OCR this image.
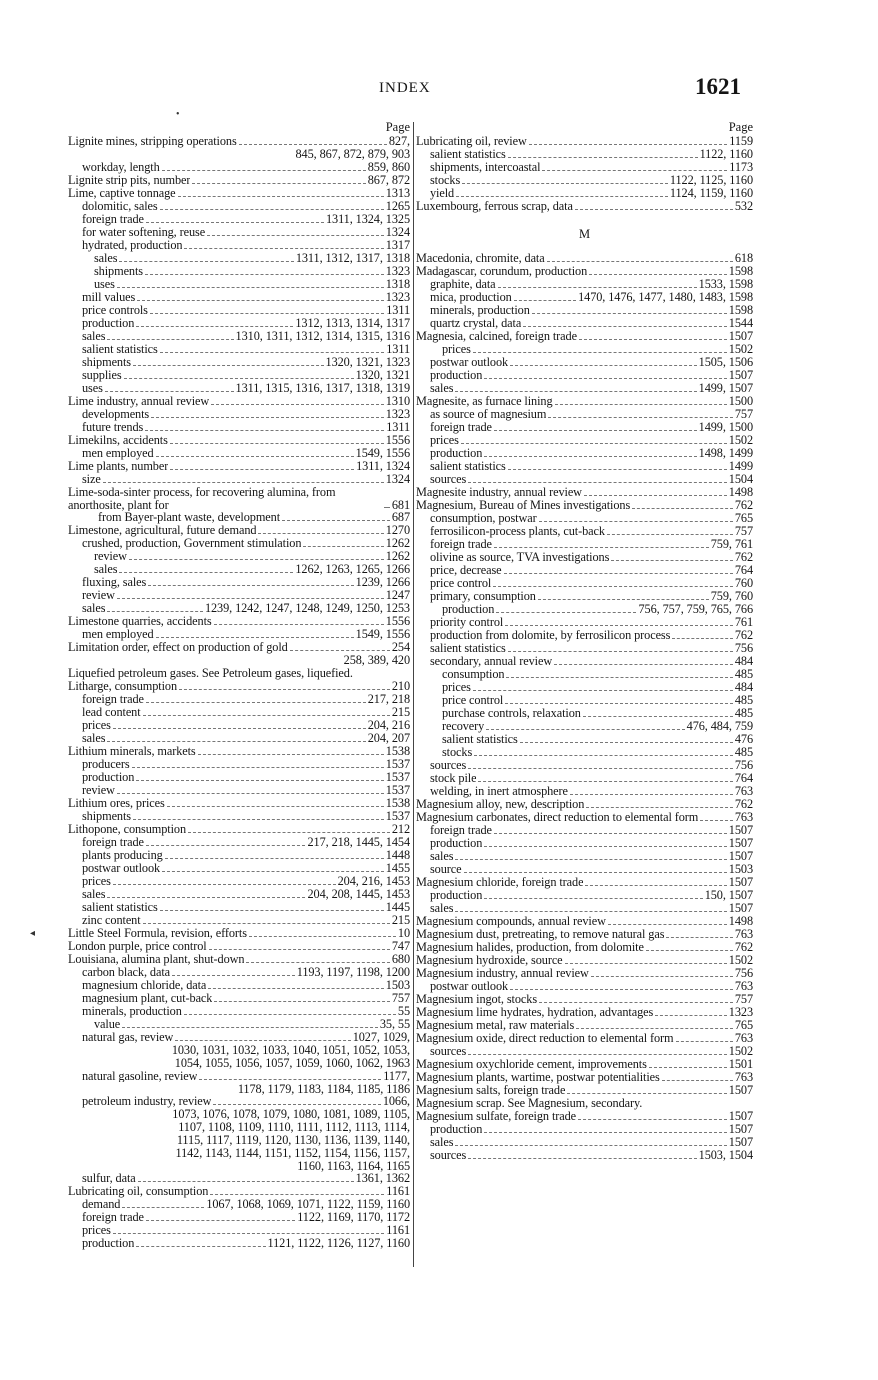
INDEX	1621
•
◂
Page
Lignite mines, stripping operations	827,
845, 867, 872, 879, 903
workday, length	859, 860
Lignite strip pits, number	867, 872
Lime, captive tonnage	1313
dolomitic, sales	1265
foreign trade	1311, 1324, 1325
for water softening, reuse	1324
hydrated, production	1317
sales	1311, 1312, 1317, 1318
shipments	1323
uses	1318
mill values	1323
price controls	1311
production	1312, 1313, 1314, 1317
sales	1310, 1311, 1312, 1314, 1315, 1316
salient statistics	1311
shipments	1320, 1321, 1323
supplies	1320, 1321
uses	1311, 1315, 1316, 1317, 1318, 1319
Lime industry, annual review	1310
developments	1323
future trends	1311
Limekilns, accidents	1556
men employed	1549, 1556
Lime plants, number	1311, 1324
size	1324
Lime-soda-sinter process, for recovering alumina, from anorthosite, plant for	681
from Bayer-plant waste, development	687
Limestone, agricultural, future demand	1270
crushed, production, Government stimulation	1262
review	1262
sales	1262, 1263, 1265, 1266
fluxing, sales	1239, 1266
review	1247
sales	1239, 1242, 1247, 1248, 1249, 1250, 1253
Limestone quarries, accidents	1556
men employed	1549, 1556
Limitation order, effect on production of gold	254
258, 389, 420
Liquefied petroleum gases. See Petroleum gases, liquefied.
Litharge, consumption	210
foreign trade	217, 218
lead content	215
prices	204, 216
sales	204, 207
Lithium minerals, markets	1538
producers	1537
production	1537
review	1537
Lithium ores, prices	1538
shipments	1537
Lithopone, consumption	212
foreign trade	217, 218, 1445, 1454
plants producing	1448
postwar outlook	1455
prices	204, 216, 1453
sales	204, 208, 1445, 1453
salient statistics	1445
zinc content	215
Little Steel Formula, revision, efforts	10
London purple, price control	747
Louisiana, alumina plant, shut-down	680
carbon black, data	1193, 1197, 1198, 1200
magnesium chloride, data	1503
magnesium plant, cut-back	757
minerals, production	55
value	35, 55
natural gas, review	1027, 1029,
1030, 1031, 1032, 1033, 1040, 1051, 1052, 1053,
1054, 1055, 1056, 1057, 1059, 1060, 1062, 1963
natural gasoline, review	1177,
1178, 1179, 1183, 1184, 1185, 1186
petroleum industry, review	1066,
1073, 1076, 1078, 1079, 1080, 1081, 1089, 1105,
1107, 1108, 1109, 1110, 1111, 1112, 1113, 1114,
1115, 1117, 1119, 1120, 1130, 1136, 1139, 1140,
1142, 1143, 1144, 1151, 1152, 1154, 1156, 1157,
1160, 1163, 1164, 1165
sulfur, data	1361, 1362
Lubricating oil, consumption	1161
demand	1067, 1068, 1069, 1071, 1122, 1159, 1160
foreign trade	1122, 1169, 1170, 1172
prices	1161
production	1121, 1122, 1126, 1127, 1160
Page
Lubricating oil, review	1159
salient statistics	1122, 1160
shipments, intercoastal	1173
stocks	1122, 1125, 1160
yield	1124, 1159, 1160
Luxembourg, ferrous scrap, data	532
M
Macedonia, chromite, data	618
Madagascar, corundum, production	1598
graphite, data	1533, 1598
mica, production	1470, 1476, 1477, 1480, 1483, 1598
minerals, production	1598
quartz crystal, data	1544
Magnesia, calcined, foreign trade	1507
prices	1502
postwar outlook	1505, 1506
production	1507
sales	1499, 1507
Magnesite, as furnace lining	1500
as source of magnesium	757
foreign trade	1499, 1500
prices	1502
production	1498, 1499
salient statistics	1499
sources	1504
Magnesite industry, annual review	1498
Magnesium, Bureau of Mines investigations	762
consumption, postwar	765
ferrosilicon-process plants, cut-back	757
foreign trade	759, 761
olivine as source, TVA investigations	762
price, decrease	764
price control	760
primary, consumption	759, 760
production	756, 757, 759, 765, 766
priority control	761
production from dolomite, by ferrosilicon process	762
salient statistics	756
secondary, annual review	484
consumption	485
prices	484
price control	485
purchase controls, relaxation	485
recovery	476, 484, 759
salient statistics	476
stocks	485
sources	756
stock pile	764
welding, in inert atmosphere	763
Magnesium alloy, new, description	762
Magnesium carbonates, direct reduction to elemental form	763
foreign trade	1507
production	1507
sales	1507
source	1503
Magnesium chloride, foreign trade	1507
production	150, 1507
sales	1507
Magnesium compounds, annual review	1498
Magnesium dust, pretreating, to remove natural gas	763
Magnesium halides, production, from dolomite	762
Magnesium hydroxide, source	1502
Magnesium industry, annual review	756
postwar outlook	763
Magnesium ingot, stocks	757
Magnesium lime hydrates, hydration, advantages	1323
Magnesium metal, raw materials	765
Magnesium oxide, direct reduction to elemental form	763
sources	1502
Magnesium oxychloride cement, improvements	1501
Magnesium plants, wartime, postwar potentialities	763
Magnesium salts, foreign trade	1507
Magnesium scrap. See Magnesium, secondary.
Magnesium sulfate, foreign trade	1507
production	1507
sales	1507
sources	1503, 1504
